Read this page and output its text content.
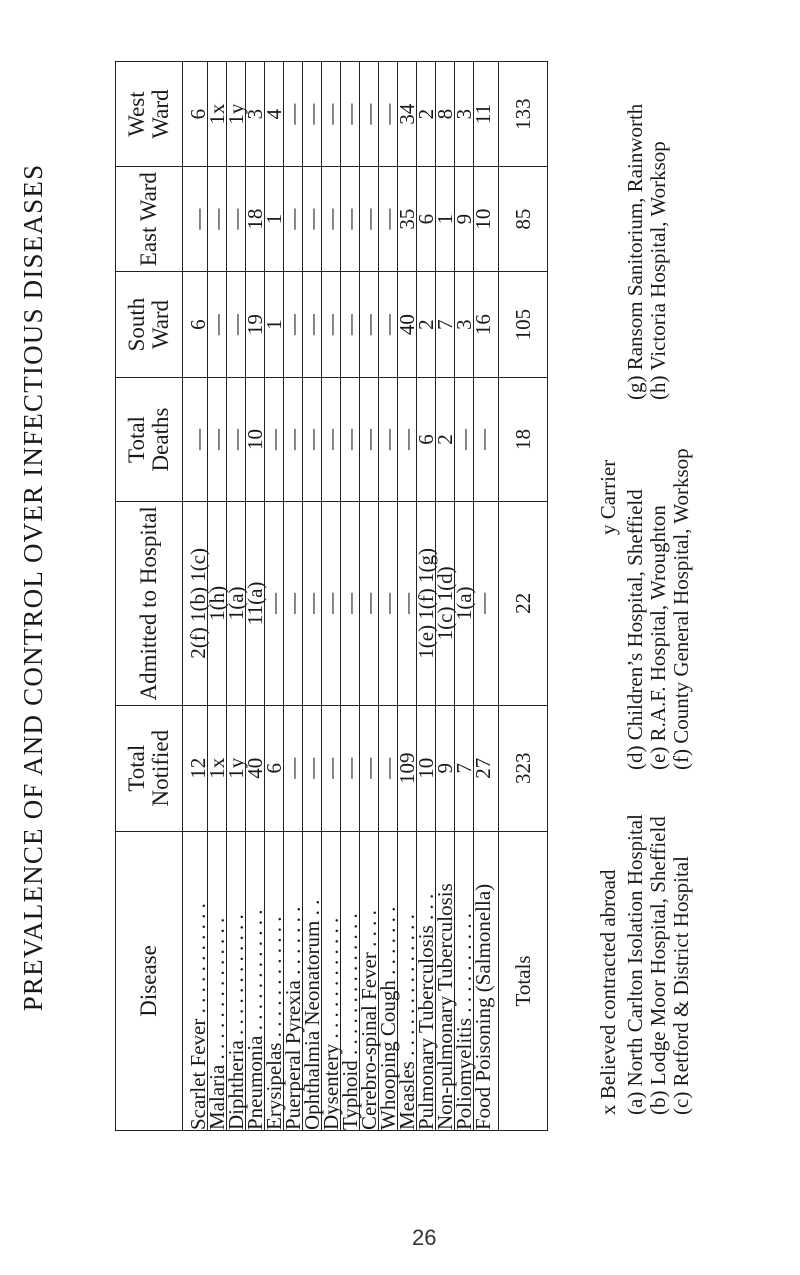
PREVALENCE OF AND CONTROL OVER INFECTIOUS DISEASES	Disease	Total Notified	Admitted to Hospital	Total Deaths	South Ward	East Ward	West Ward
Scarlet Fever . . . . . . . . . . .	12	2(f) 1(b) 1(c)	—	6	—	6
Malaria . . . . . . . . . . . . . .	1x	1(h)	—	—	—	1x
Diphtheria . . . . . . . . . . . .	1y	1(a)	—	—	—	1y
Pneumonia . . . . . . . . . . . .	40	11(a)	10	19	18	3
Erysipelas . . . . . . . . . . . .	6	—	—	1	1	4
Puerperal Pyrexia . . . . . . .	—	—	—	—	—	—
Ophthalmia Neonatorum . .	—	—	—	—	—	—
Dysentery . . . . . . . . . . . .	—	—	—	—	—	—
Typhoid . . . . . . . . . . . . . .	—	—	—	—	—	—
Cerebro-spinal Fever . . . .	—	—	—	—	—	—
Whooping Cough . . . . . . .	—	—	—	—	—	—
Measles . . . . . . . . . . . . . .	109	—	—	40	35	34
Pulmonary Tuberculosis . . .	10	1(e) 1(f) 1(g)	6	2	6	2
Non-pulmonary Tuberculosis	9	1(c) 1(d)	2	7	1	8
Poliomyelitis . . . . . . . . . .	7	1(a)	—	3	9	3
Food Poisoning (Salmonella)	27	—	—	16	10	11
Totals	323	22	18	105	85	133
x Believed contracted abroad
y Carrier
(a) North Carlton Isolation Hospital (b) Lodge Moor Hospital, Sheffield (c) Retford & District Hospital
(d) Children’s Hospital, Sheffield (e) R.A.F. Hospital, Wroughton (f) County General Hospital, Worksop
(g) Ransom Sanitorium, Rainworth (h) Victoria Hospital, Worksop
26
